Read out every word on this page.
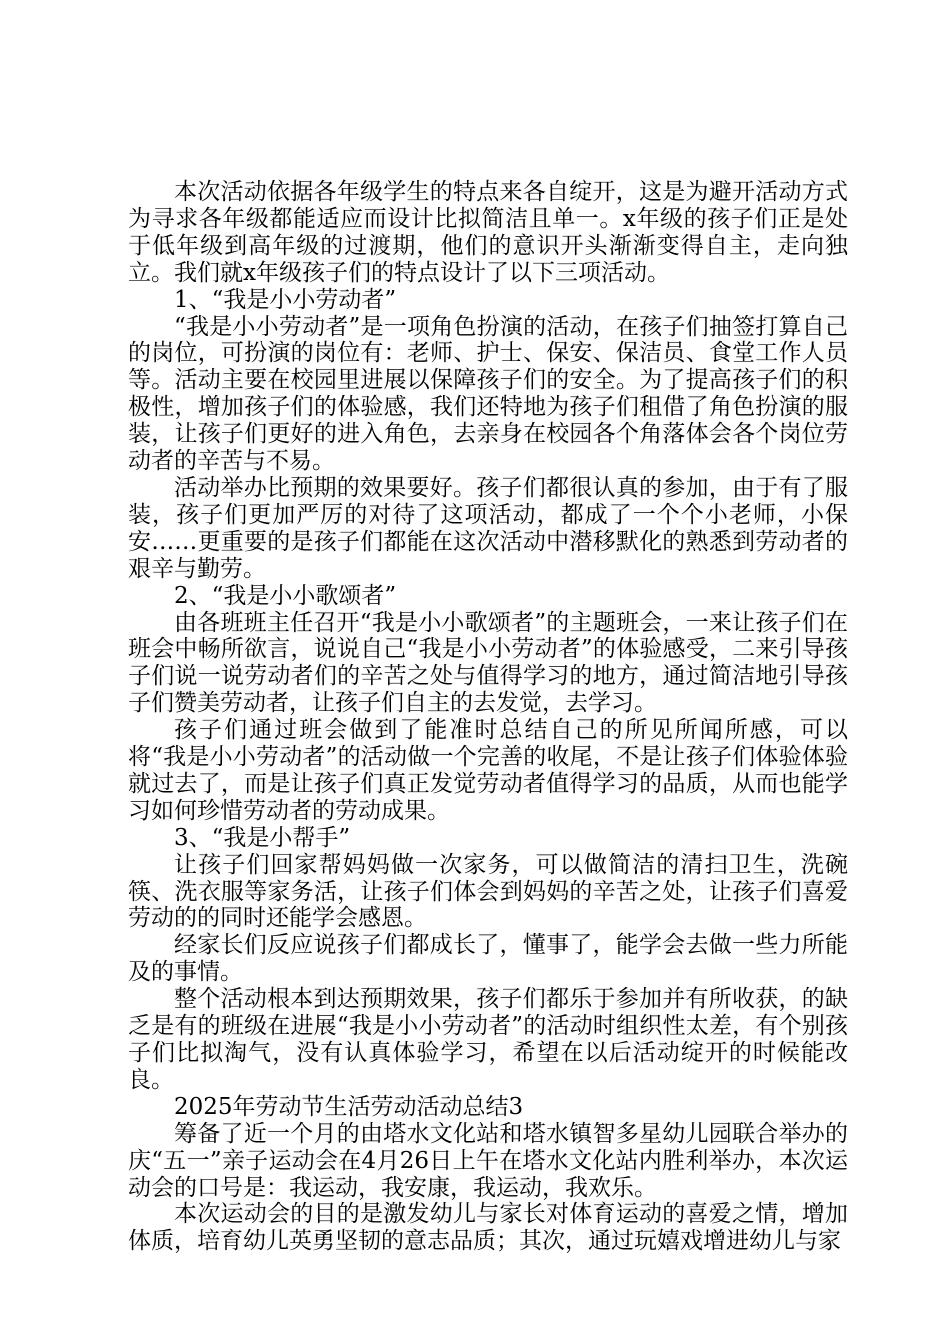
本次活动依据各年级学生的特点来各自绽开，这是为避开活动方式为寻求各年级都能适应而设计比拟简洁且单一。x年级的孩子们正是处于低年级到高年级的过渡期，他们的意识开头渐渐变得自主，走向独立。我们就x年级孩子们的特点设计了以下三项活动。

1、“我是小小劳动者”

“我是小小劳动者”是一项角色扮演的活动，在孩子们抽签打算自己的岗位，可扮演的岗位有：老师、护士、保安、保洁员、食堂工作人员等。活动主要在校园里进展以保障孩子们的安全。为了提高孩子们的积极性，增加孩子们的体验感，我们还特地为孩子们租借了角色扮演的服装，让孩子们更好的进入角色，去亲身在校园各个角落体会各个岗位劳动者的辛苦与不易。

活动举办比预期的效果要好。孩子们都很认真的参加，由于有了服装，孩子们更加严厉的对待了这项活动，都成了一个个小老师，小保安……更重要的是孩子们都能在这次活动中潜移默化的熟悉到劳动者的艰辛与勤劳。

2、“我是小小歌颂者”

由各班班主任召开“我是小小歌颂者”的主题班会，一来让孩子们在班会中畅所欲言，说说自己“我是小小劳动者”的体验感受，二来引导孩子们说一说劳动者们的辛苦之处与值得学习的地方，通过简洁地引导孩子们赞美劳动者，让孩子们自主的去发觉，去学习。

孩子们通过班会做到了能准时总结自己的所见所闻所感，可以将“我是小小劳动者”的活动做一个完善的收尾，不是让孩子们体验体验就过去了，而是让孩子们真正发觉劳动者值得学习的品质，从而也能学习如何珍惜劳动者的劳动成果。

3、“我是小帮手”

让孩子们回家帮妈妈做一次家务，可以做简洁的清扫卫生，洗碗筷、洗衣服等家务活，让孩子们体会到妈妈的辛苦之处，让孩子们喜爱劳动的的同时还能学会感恩。

经家长们反应说孩子们都成长了，懂事了，能学会去做一些力所能及的事情。

整个活动根本到达预期效果，孩子们都乐于参加并有所收获，的缺乏是有的班级在进展“我是小小劳动者”的活动时组织性太差，有个别孩子们比拟淘气，没有认真体验学习，希望在以后活动绽开的时候能改良。

2025年劳动节生活劳动活动总结3

筹备了近一个月的由塔水文化站和塔水镇智多星幼儿园联合举办的庆“五一”亲子运动会在4月26日上午在塔水文化站内胜利举办，本次运动会的口号是：我运动，我安康，我运动，我欢乐。

本次运动会的目的是激发幼儿与家长对体育运动的喜爱之情，增加体质，培育幼儿英勇坚韧的意志品质；其次，通过玩嬉戏增进幼儿与家
